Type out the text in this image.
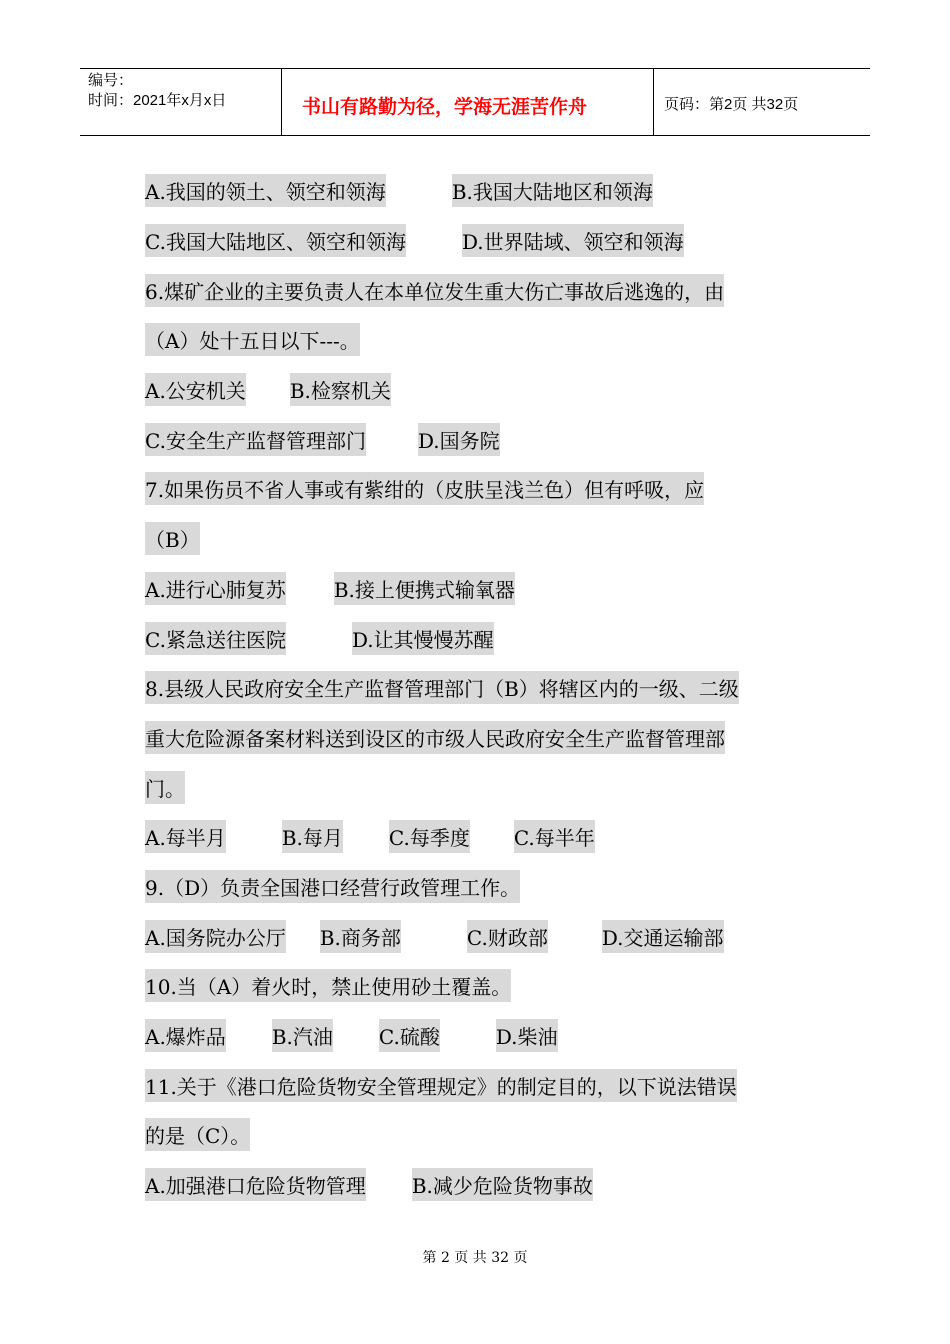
编号：
时间：2021年x月x日	书山有路勤为径，学海无涯苦作舟	页码：第2页 共32页
A.我国的领土、领空和领海	B.我国大陆地区和领海
C.我国大陆地区、领空和领海	D.世界陆域、领空和领海
6.煤矿企业的主要负责人在本单位发生重大伤亡事故后逃逸的，由
（A）处十五日以下---。
A.公安机关 B.检察机关
C.安全生产监督管理部门	D.国务院
7.如果伤员不省人事或有紫绀的（皮肤呈浅兰色）但有呼吸，应
（B）
A.进行心肺复苏 B.接上便携式输氧器
C.紧急送往医院	D.让其慢慢苏醒
8.县级人民政府安全生产监督管理部门（B）将辖区内的一级、二级
重大危险源备案材料送到设区的市级人民政府安全生产监督管理部
门。
A.每半月	B.每月 C.每季度 C.每半年
9.（D）负责全国港口经营行政管理工作。
A.国务院办公厅 B.商务部	C.财政部	D.交通运输部
10.当（A）着火时，禁止使用砂土覆盖。
A.爆炸品 B.汽油 C.硫酸	D.柴油
11.关于《港口危险货物安全管理规定》的制定目的，以下说法错误
的是（C）。
A.加强港口危险货物管理 B.减少危险货物事故
第 2 页 共 32 页
